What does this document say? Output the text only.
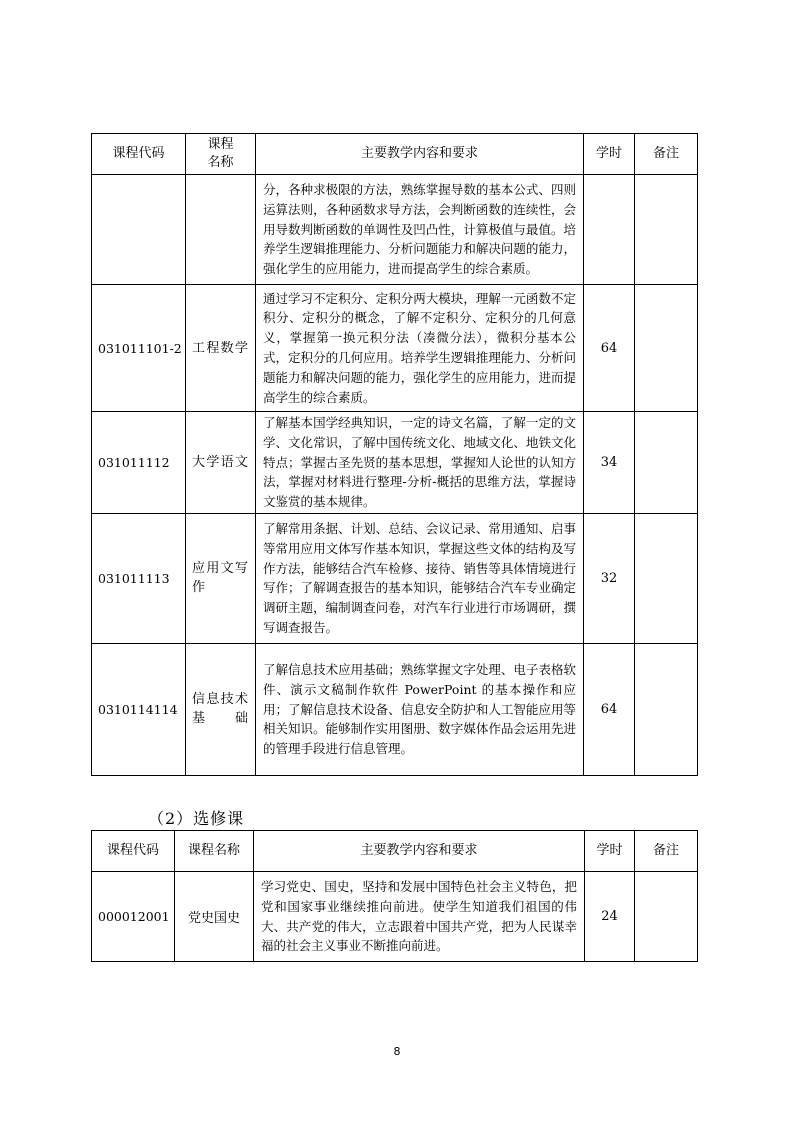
课程代码	课程名称	主要教学内容和要求	学时	备注
		分，各种求极限的方法，熟练掌握导数的基本公式、四则运算法则，各种函数求导方法，会判断函数的连续性，会用导数判断函数的单调性及凹凸性，计算极值与最值。培养学生逻辑推理能力、分析问题能力和解决问题的能力，强化学生的应用能力，进而提高学生的综合素质。		
031011101-2	工程数学	通过学习不定积分、定积分两大模块，理解一元函数不定积分、定积分的概念，了解不定积分、定积分的几何意义，掌握第一换元积分法（凑微分法），微积分基本公式，定积分的几何应用。培养学生逻辑推理能力、分析问题能力和解决问题的能力，强化学生的应用能力，进而提高学生的综合素质。	64	
031011112	大学语文	了解基本国学经典知识，一定的诗文名篇，了解一定的文学、文化常识，了解中国传统文化、地域文化、地铁文化特点；掌握古圣先贤的基本思想，掌握知人论世的认知方法，掌握对材料进行整理-分析-概括的思维方法，掌握诗文鉴赏的基本规律。	34	
031011113	应用文写作	了解常用条据、计划、总结、会议记录、常用通知、启事等常用应用文体写作基本知识，掌握这些文体的结构及写作方法，能够结合汽车检修、接待、销售等具体情境进行写作；了解调查报告的基本知识，能够结合汽车专业确定调研主题，编制调查问卷，对汽车行业进行市场调研，撰写调查报告。	32	
0310114114	信息技术基础	了解信息技术应用基础；熟练掌握文字处理、电子表格软件、演示文稿制作软件 PowerPoint 的基本操作和应用；了解信息技术设备、信息安全防护和人工智能应用等相关知识。能够制作实用图册、数字媒体作品会运用先进的管理手段进行信息管理。	64	
（2）选修课
课程代码	课程名称	主要教学内容和要求	学时	备注
000012001	党史国史	学习党史、国史，坚持和发展中国特色社会主义特色，把党和国家事业继续推向前进。使学生知道我们祖国的伟大、共产党的伟大，立志跟着中国共产党，把为人民谋幸福的社会主义事业不断推向前进。	24	
8
